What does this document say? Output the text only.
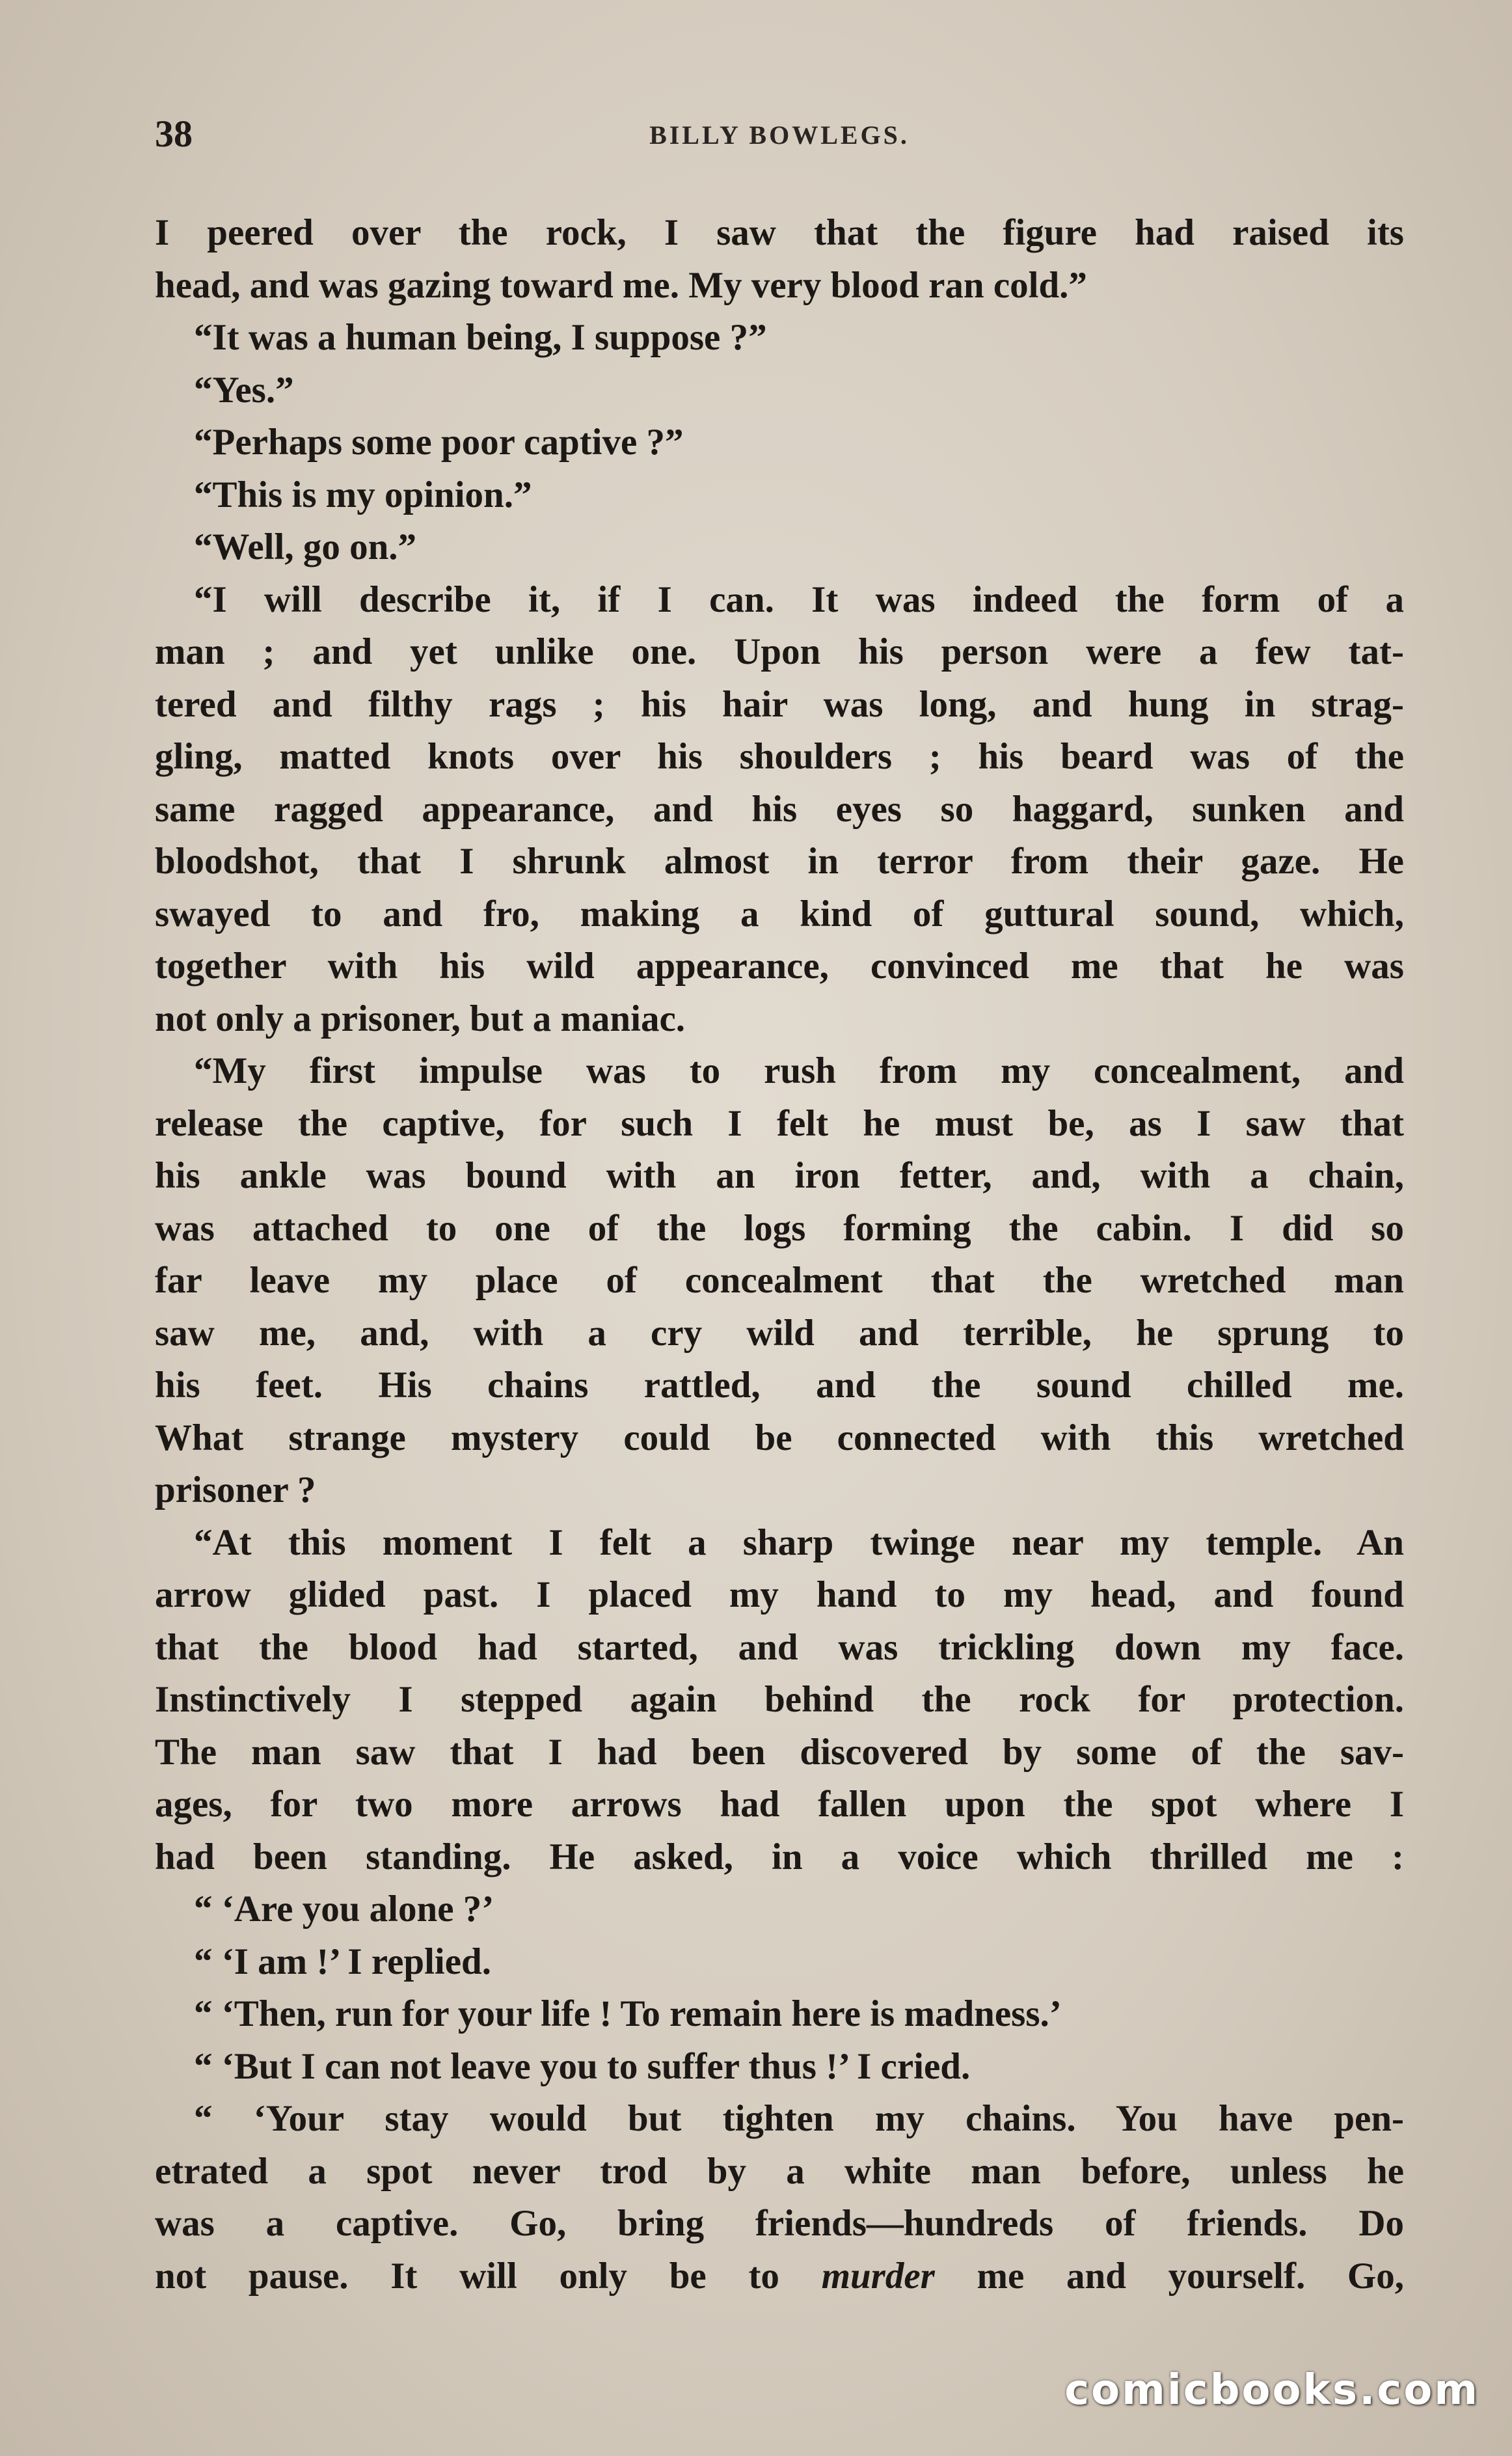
38	BILLY BOWLEGS.
I peered over the rock, I saw that the figure had raised its
head, and was gazing toward me. My very blood ran cold.”
“It was a human being, I suppose ?”
“Yes.”
“Perhaps some poor captive ?”
“This is my opinion.”
“Well, go on.”
“I will describe it, if I can. It was indeed the form of a
man ; and yet unlike one. Upon his person were a few tat-
tered and filthy rags ; his hair was long, and hung in strag-
gling, matted knots over his shoulders ; his beard was of the
same ragged appearance, and his eyes so haggard, sunken and
bloodshot, that I shrunk almost in terror from their gaze. He
swayed to and fro, making a kind of guttural sound, which,
together with his wild appearance, convinced me that he was
not only a prisoner, but a maniac.
“My first impulse was to rush from my concealment, and
release the captive, for such I felt he must be, as I saw that
his ankle was bound with an iron fetter, and, with a chain,
was attached to one of the logs forming the cabin. I did so
far leave my place of concealment that the wretched man
saw me, and, with a cry wild and terrible, he sprung to
his feet. His chains rattled, and the sound chilled me.
What strange mystery could be connected with this wretched
prisoner ?
“At this moment I felt a sharp twinge near my temple. An
arrow glided past. I placed my hand to my head, and found
that the blood had started, and was trickling down my face.
Instinctively I stepped again behind the rock for protection.
The man saw that I had been discovered by some of the sav-
ages, for two more arrows had fallen upon the spot where I
had been standing. He asked, in a voice which thrilled me :
“ ‘Are you alone ?’
“ ‘I am !’ I replied.
“ ‘Then, run for your life ! To remain here is madness.’
“ ‘But I can not leave you to suffer thus !’ I cried.
“ ‘Your stay would but tighten my chains. You have pen-
etrated a spot never trod by a white man before, unless he
was a captive. Go, bring friends—hundreds of friends. Do
not pause. It will only be to murder me and yourself. Go,
comicbooks.com
